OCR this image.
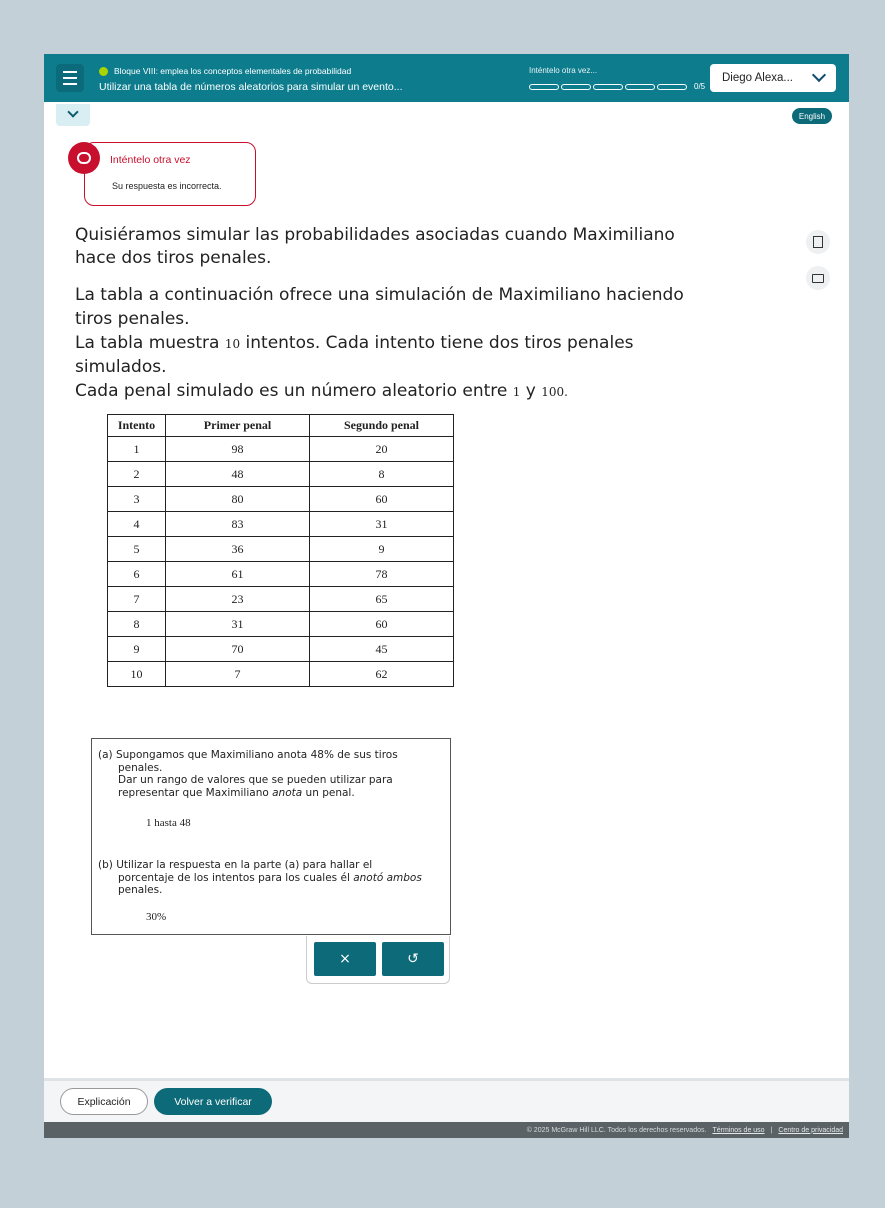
Bloque VIII: emplea los conceptos elementales de probabilidad
Utilizar una tabla de números aleatorios para simular un evento...
Inténtelo otra vez...
0/5
Diego Alexa...
English
Inténtelo otra vez
Su respuesta es incorrecta.
Quisiéramos simular las probabilidades asociadas cuando Maximiliano
hace dos tiros penales.
La tabla a continuación ofrece una simulación de Maximiliano haciendo
tiros penales.
La tabla muestra 10 intentos. Cada intento tiene dos tiros penales
simulados.
Cada penal simulado es un número aleatorio entre 1 y 100.
Intento	Primer penal	Segundo penal
1	98	20
2	48	8
3	80	60
4	83	31
5	36	9
6	61	78
7	23	65
8	31	60
9	70	45
10	7	62
(a) Supongamos que Maximiliano anota 48% de sus tiros
penales.
Dar un rango de valores que se pueden utilizar para
representar que Maximiliano anota un penal.
1 hasta 48
(b) Utilizar la respuesta en la parte (a) para hallar el
porcentaje de los intentos para los cuales él anotó ambos
penales.
30%
×	↺
Explicación	Volver a verificar
© 2025 McGraw Hill LLC. Todos los derechos reservados. Términos de uso | Centro de privacidad
